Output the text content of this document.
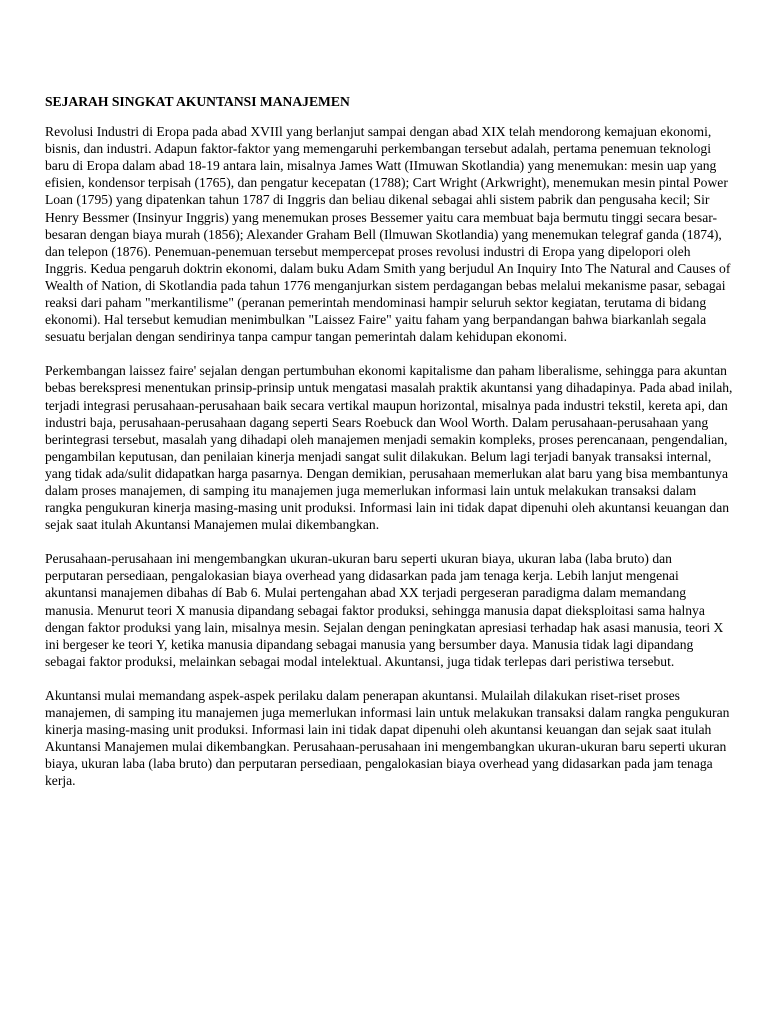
SEJARAH SINGKAT AKUNTANSI MANAJEMEN

Revolusi Industri di Eropa pada abad XVIIl yang berlanjut sampai dengan abad XIX telah mendorong kemajuan ekonomi, bisnis, dan industri. Adapun faktor-faktor yang memengaruhi perkembangan tersebut adalah, pertama penemuan teknologi baru di Eropa dalam abad 18-19 antara lain, misalnya James Watt (IImuwan Skotlandia) yang menemukan: mesin uap yang efisien, kondensor terpisah (1765), dan pengatur kecepatan (1788); Cart Wright (Arkwright), menemukan mesin pintal Power Loan (1795) yang dipatenkan tahun 1787 di Inggris dan beliau dikenal sebagai ahli sistem pabrik dan pengusaha kecil; Sir Henry Bessmer (Insinyur Inggris) yang menemukan proses Bessemer yaitu cara membuat baja bermutu tinggi secara besar-besaran dengan biaya murah (1856); Alexander Graham Bell (Ilmuwan Skotlandia) yang menemukan telegraf ganda (1874), dan telepon (1876). Penemuan-penemuan tersebut mempercepat proses revolusi industri di Eropa yang dipelopori oleh Inggris. Kedua pengaruh doktrin ekonomi, dalam buku Adam Smith yang berjudul An Inquiry Into The Natural and Causes of Wealth of Nation, di Skotlandia pada tahun 1776 menganjurkan sistem perdagangan bebas melalui mekanisme pasar, sebagai reaksi dari paham "merkantilisme" (peranan pemerintah mendominasi hampir seluruh sektor kegiatan, terutama di bidang ekonomi). Hal tersebut kemudian menimbulkan "Laissez Faire" yaitu faham yang berpandangan bahwa biarkanlah segala sesuatu berjalan dengan sendirinya tanpa campur tangan pemerintah dalam kehidupan ekonomi.

Perkembangan laissez faire' sejalan dengan pertumbuhan ekonomi kapitalisme dan paham liberalisme, sehingga para akuntan bebas berekspresi menentukan prinsip-prinsip untuk mengatasi masalah praktik akuntansi yang dihadapinya. Pada abad inilah, terjadi integrasi perusahaan-perusahaan baik secara vertikal maupun horizontal, misalnya pada industri tekstil, kereta api, dan industri baja, perusahaan-perusahaan dagang seperti Sears Roebuck dan Wool Worth. Dalam perusahaan-perusahaan yang berintegrasi tersebut, masalah yang dihadapi oleh manajemen menjadi semakin kompleks, proses perencanaan, pengendalian, pengambilan keputusan, dan penilaian kinerja menjadi sangat sulit dilakukan. Belum lagi terjadi banyak transaksi internal, yang tidak ada/sulit didapatkan harga pasarnya. Dengan demikian, perusahaan memerlukan alat baru yang bisa membantunya dalam proses manajemen, di samping itu manajemen juga memerlukan informasi lain untuk melakukan transaksi dalam rangka pengukuran kinerja masing-masing unit produksi. Informasi lain ini tidak dapat dipenuhi oleh akuntansi keuangan dan sejak saat itulah Akuntansi Manajemen mulai dikembangkan.

Perusahaan-perusahaan ini mengembangkan ukuran-ukuran baru seperti ukuran biaya, ukuran laba (laba bruto) dan perputaran persediaan, pengalokasian biaya overhead yang didasarkan pada jam tenaga kerja. Lebih lanjut mengenai akuntansi manajemen dibahas dí Bab 6. Mulai pertengahan abad XX terjadi pergeseran paradigma dalam memandang manusia. Menurut teori X manusia dipandang sebagai faktor produksi, sehingga manusia dapat dieksploitasi sama halnya dengan faktor produksi yang lain, misalnya mesin. Sejalan dengan peningkatan apresiasi terhadap hak asasi manusia, teori X ini bergeser ke teori Y, ketika manusia dipandang sebagai manusia yang bersumber daya. Manusia tidak lagi dipandang sebagai faktor produksi, melainkan sebagai modal intelektual. Akuntansi, juga tidak terlepas dari peristiwa tersebut.

Akuntansi mulai memandang aspek-aspek perilaku dalam penerapan akuntansi. Mulailah dilakukan riset-riset proses manajemen, di samping itu manajemen juga memerlukan informasi lain untuk melakukan transaksi dalam rangka pengukuran kinerja masing-masing unit produksi. Informasi lain ini tidak dapat dipenuhi oleh akuntansi keuangan dan sejak saat itulah Akuntansi Manajemen mulai dikembangkan. Perusahaan-perusahaan ini mengembangkan ukuran-ukuran baru seperti ukuran biaya, ukuran laba (laba bruto) dan perputaran persediaan, pengalokasian biaya overhead yang didasarkan pada jam tenaga kerja.
